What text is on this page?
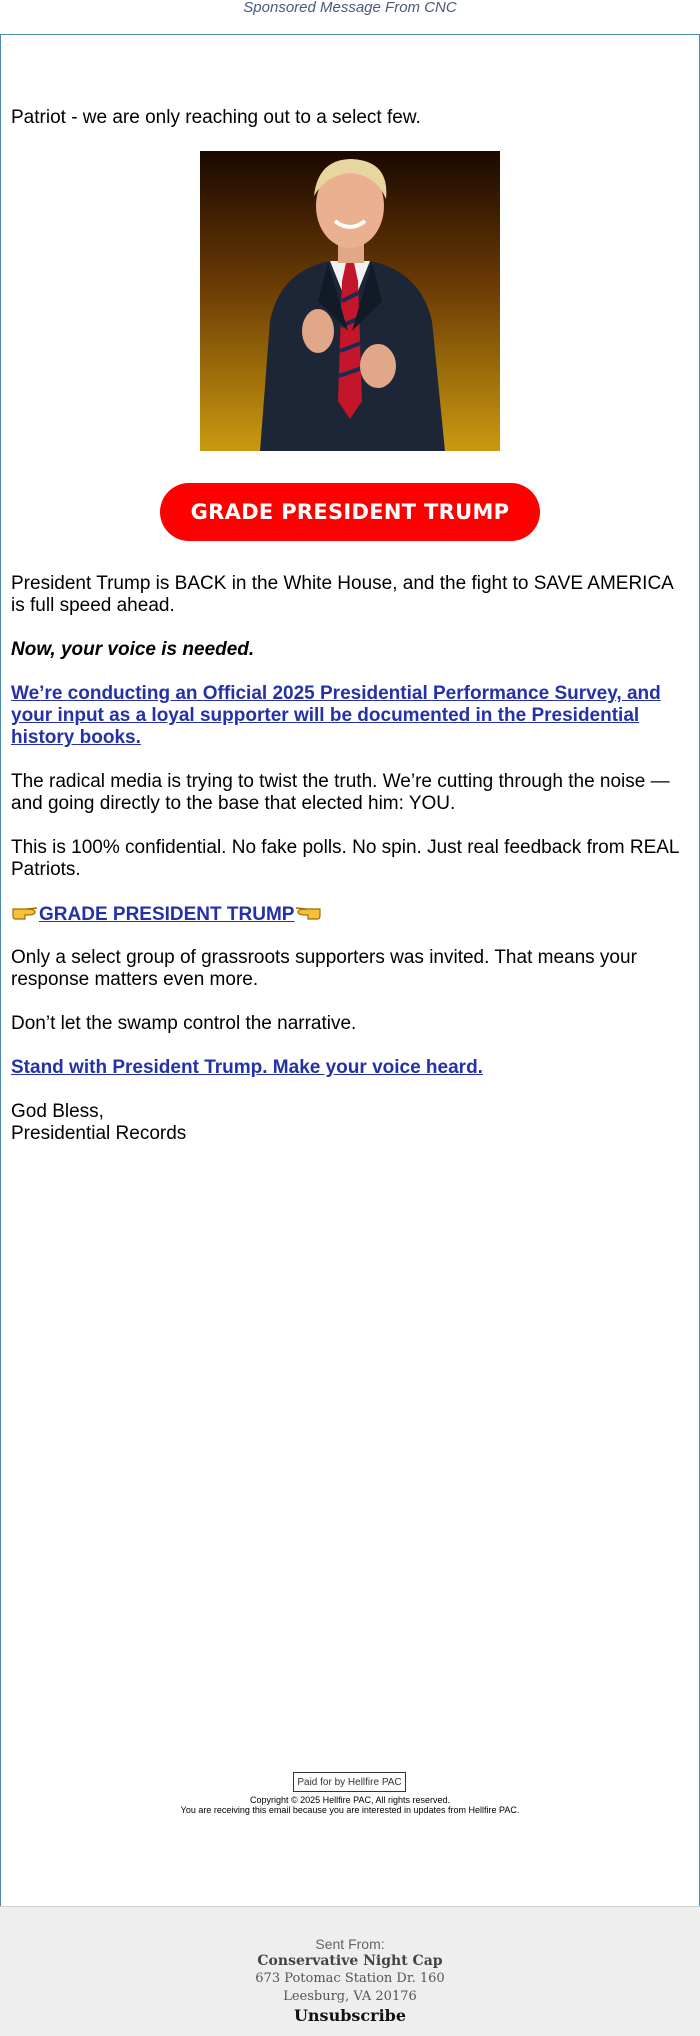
Sponsored Message From CNC

Patriot - we are only reaching out to a select few.

GRADE PRESIDENT TRUMP

President Trump is BACK in the White House, and the fight to SAVE AMERICA is full speed ahead.

Now, your voice is needed.

We’re conducting an Official 2025 Presidential Performance Survey, and your input as a loyal supporter will be documented in the Presidential history books.

The radical media is trying to twist the truth. We’re cutting through the noise — and going directly to the base that elected him: YOU.

This is 100% confidential. No fake polls. No spin. Just real feedback from REAL Patriots.

GRADE PRESIDENT TRUMP

Only a select group of grassroots supporters was invited. That means your response matters even more.

Don’t let the swamp control the narrative.

Stand with President Trump. Make your voice heard.

God Bless,

Presidential Records

Paid for by Hellfire PAC
Copyright © 2025 Hellfire PAC, All rights reserved.
You are receiving this email because you are interested in updates from Hellfire PAC.
Sent From:
Conservative Night Cap
673 Potomac Station Dr. 160
Leesburg, VA 20176
Unsubscribe
